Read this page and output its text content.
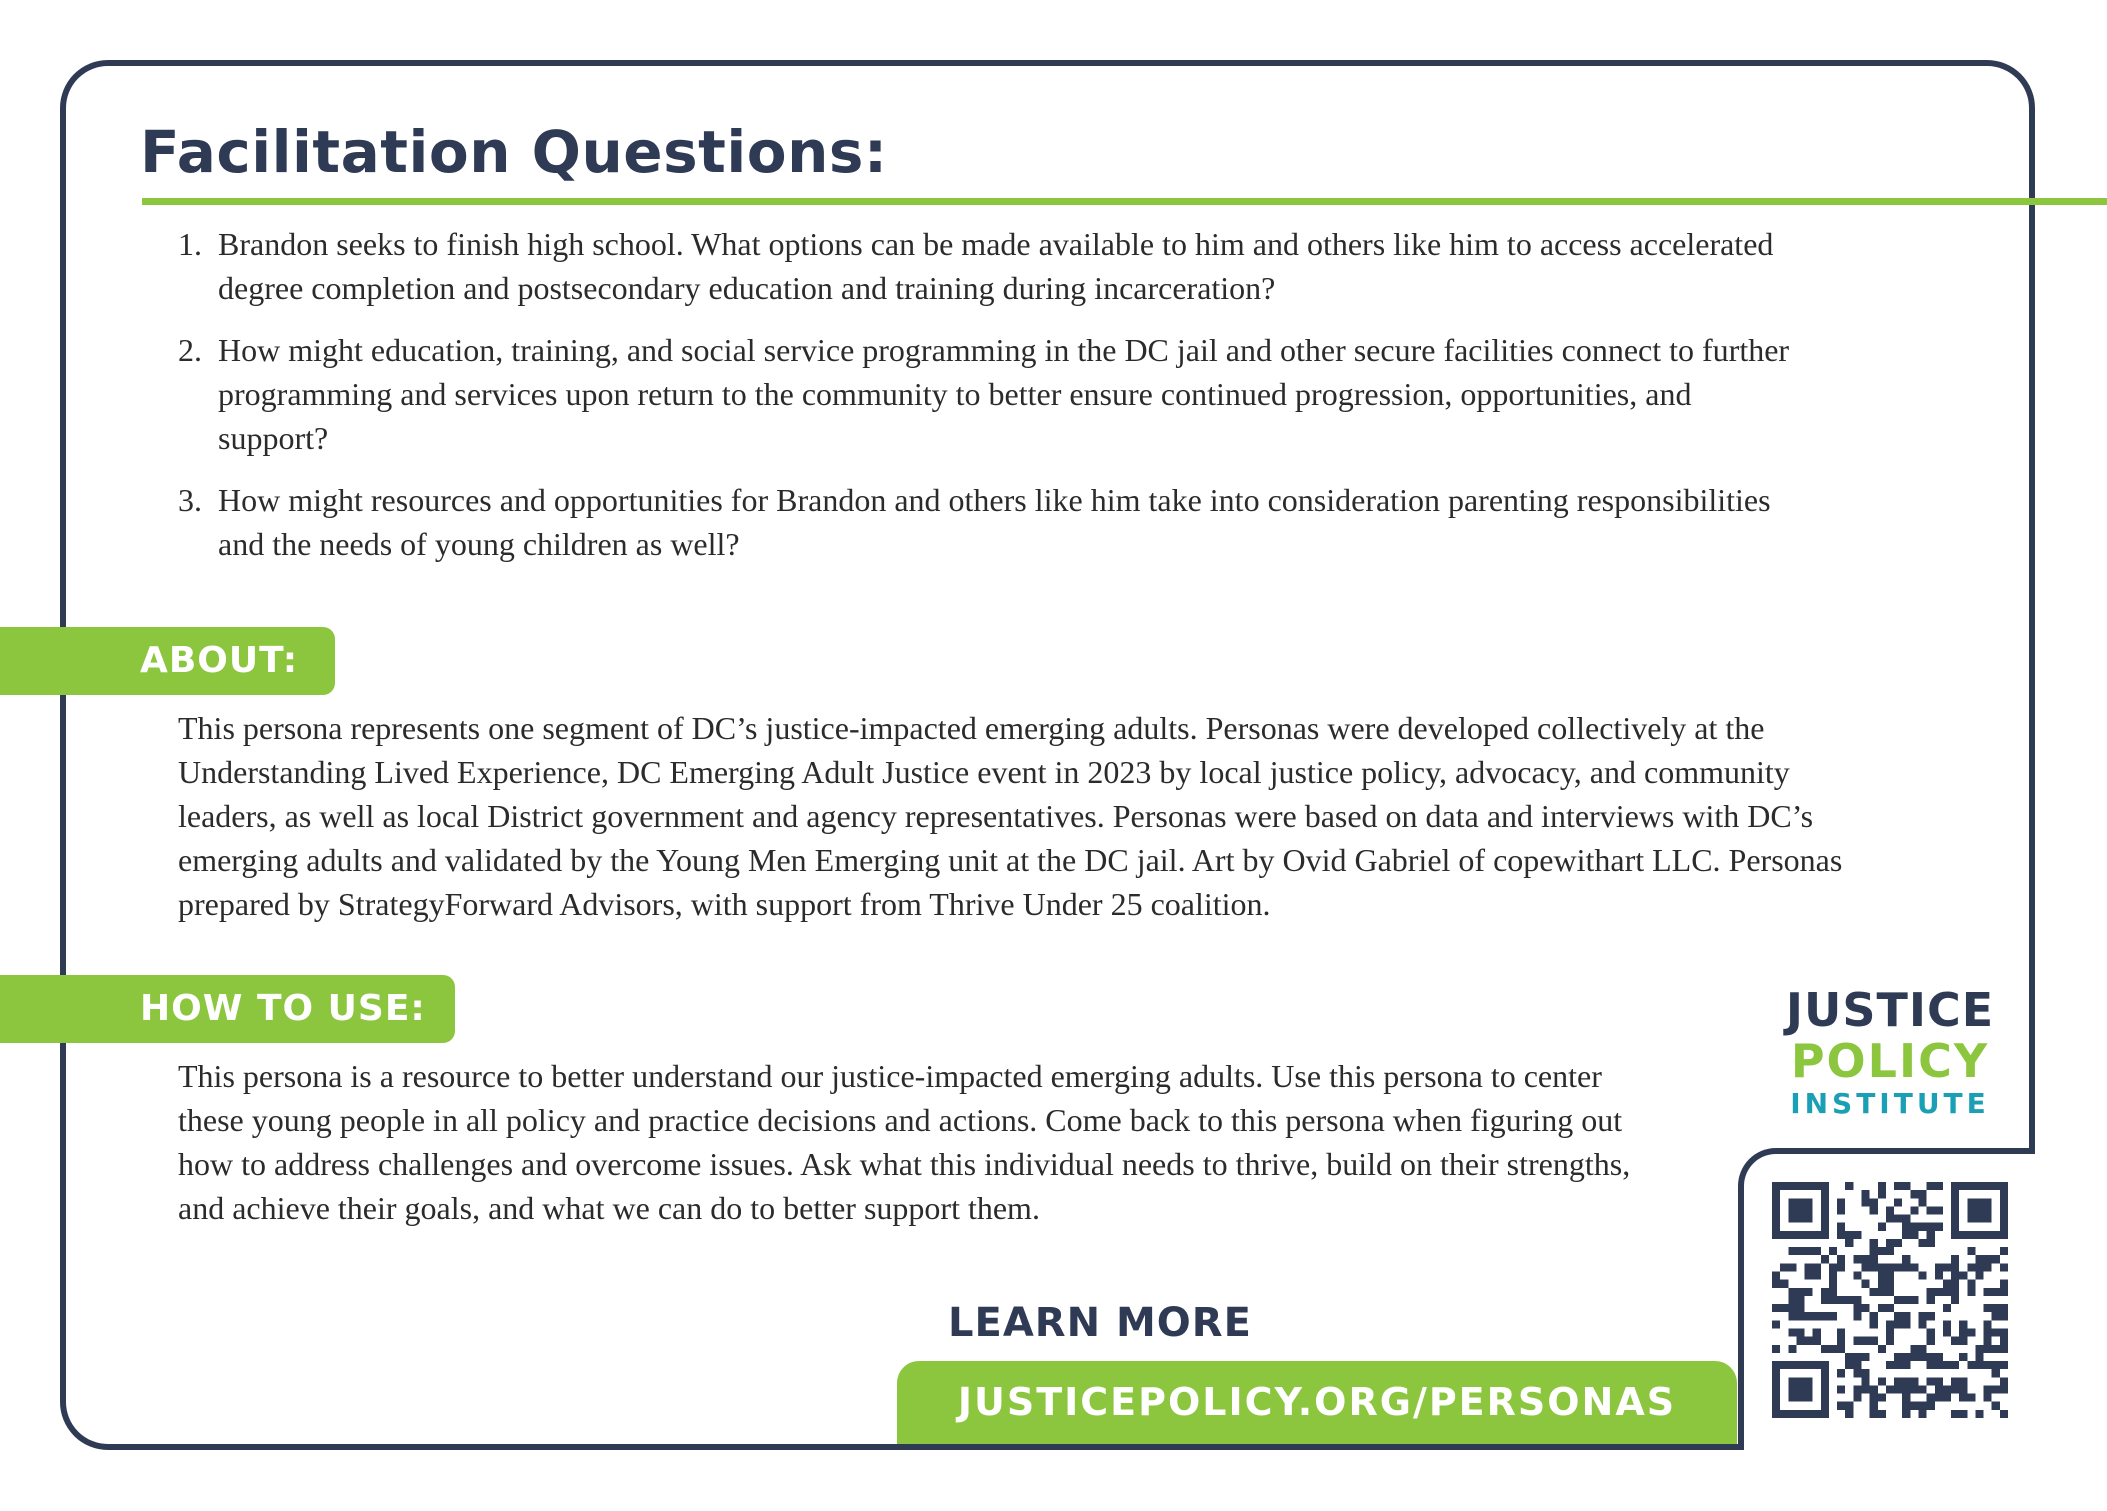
Facilitation Questions:
1. Brandon seeks to finish high school. What options can be made available to him and others like him to access accelerated degree completion and postsecondary education and training during incarceration?
2. How might education, training, and social service programming in the DC jail and other secure facilities connect to further programming and services upon return to the community to better ensure continued progression, opportunities, and support?
3. How might resources and opportunities for Brandon and others like him take into consideration parenting responsibilities and the needs of young children as well?
ABOUT:

This persona represents one segment of DC’s justice-impacted emerging adults. Personas were developed collectively at the Understanding Lived Experience, DC Emerging Adult Justice event in 2023 by local justice policy, advocacy, and community leaders, as well as local District government and agency representatives. Personas were based on data and interviews with DC’s emerging adults and validated by the Young Men Emerging unit at the DC jail. Art by Ovid Gabriel of copewithart LLC. Personas prepared by StrategyForward Advisors, with support from Thrive Under 25 coalition.

HOW TO USE:

This persona is a resource to better understand our justice-impacted emerging adults. Use this persona to center these young people in all policy and practice decisions and actions. Come back to this persona when figuring out how to address challenges and overcome issues. Ask what this individual needs to thrive, build on their strengths, and achieve their goals, and what we can do to better support them.

LEARN MORE
JUSTICEPOLICY.ORG/PERSONAS
JUSTICE
POLICY
INSTITUTE
